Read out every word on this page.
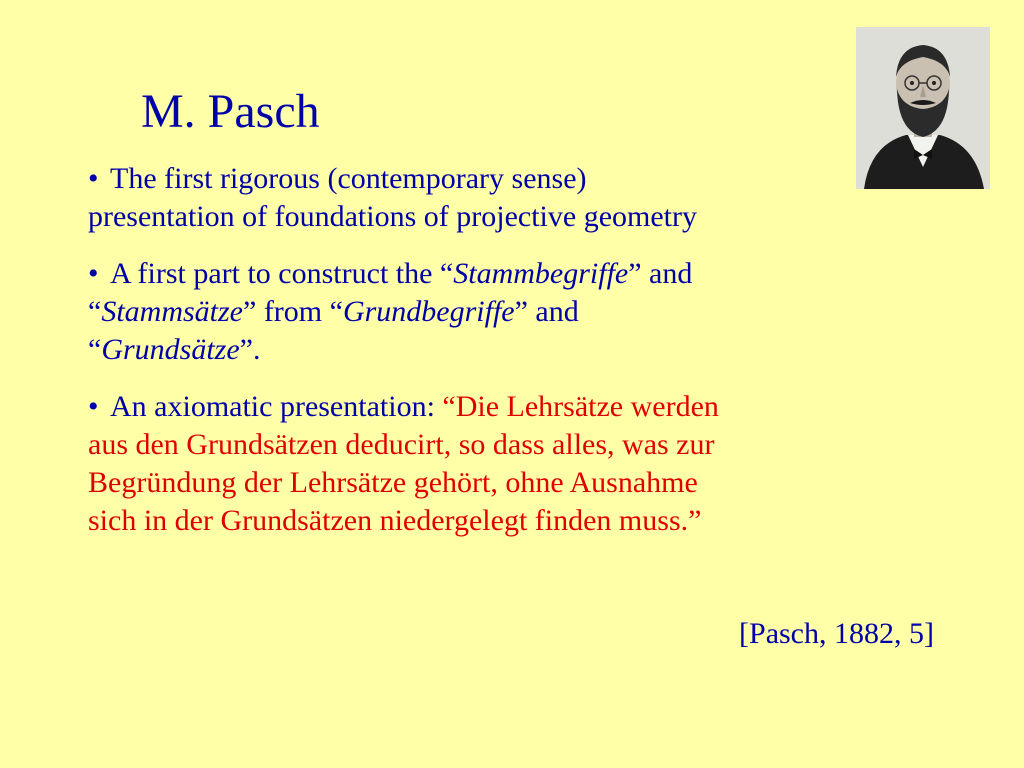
M. Pasch

• The first rigorous (contemporary sense)

presentation of foundations of projective geometry

• A first part to construct the “Stammbegriffe” and

“Stammsätze” from “Grundbegriffe” and

“Grundsätze”.

• An axiomatic presentation: “Die Lehrsätze werden

aus den Grundsätzen deducirt, so dass alles, was zur

Begründung der Lehrsätze gehört, ohne Ausnahme

sich in der Grundsätzen niedergelegt finden muss.”

[Pasch, 1882, 5]
